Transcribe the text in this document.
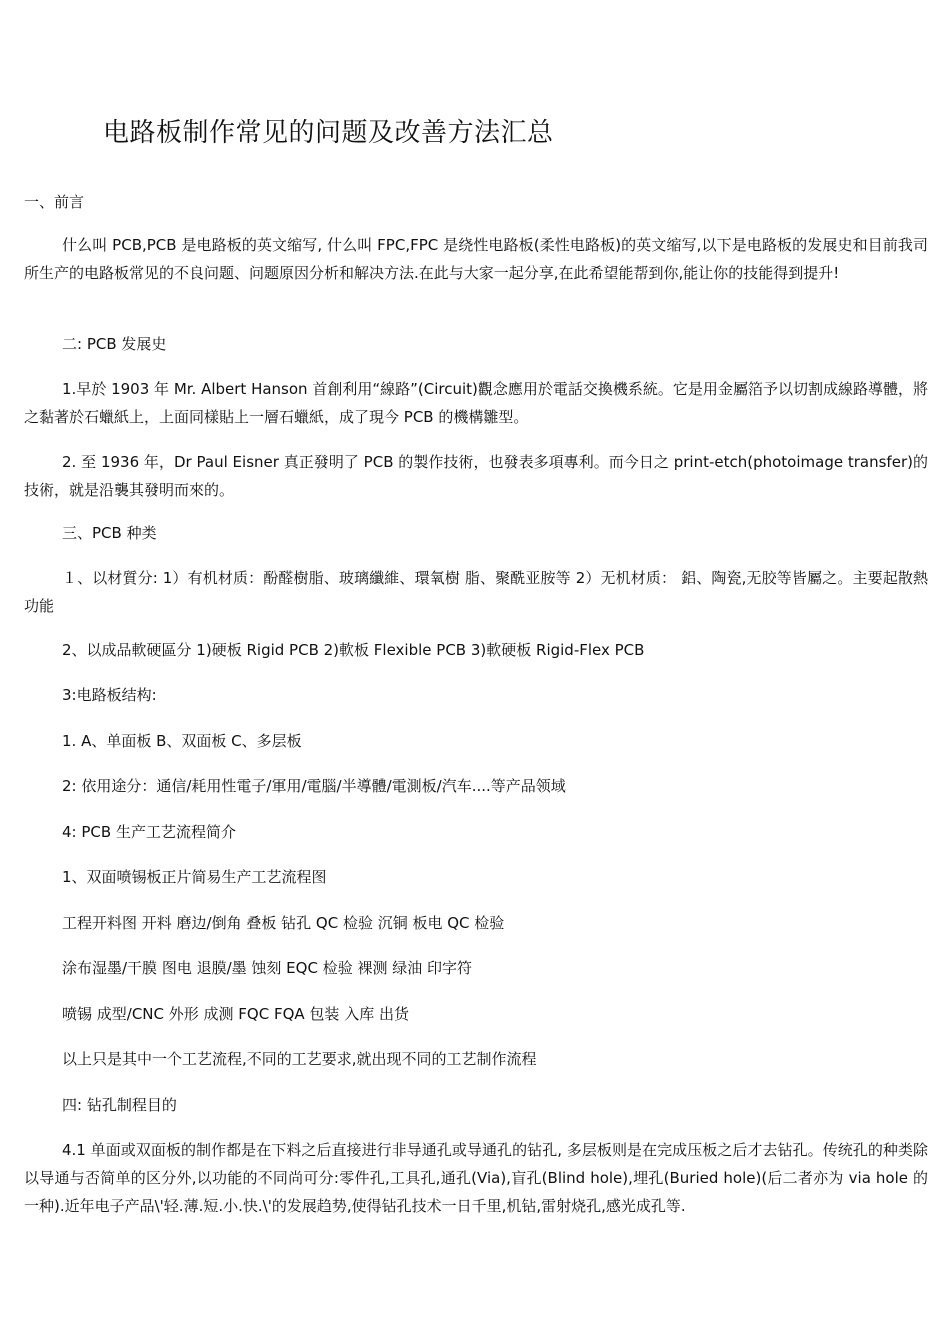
电路板制作常见的问题及改善方法汇总
一、前言
什么叫 PCB,PCB 是电路板的英文缩写, 什么叫 FPC,FPC 是绕性电路板(柔性电路板)的英文缩写,以下是电路板的发展史和目前我司所生产的电路板常见的不良问题、问题原因分析和解决方法.在此与大家一起分享,在此希望能帮到你,能让你的技能得到提升!
二: PCB 发展史
1.早於 1903 年 Mr. Albert Hanson 首創利用“線路”(Circuit)觀念應用於電話交換機系統。它是用金屬箔予以切割成線路導體，將之黏著於石蠟紙上，上面同樣貼上一層石蠟紙，成了現今 PCB 的機構雛型。
2. 至 1936 年，Dr Paul Eisner 真正發明了 PCB 的製作技術，也發表多項專利。而今日之 print-etch(photoimage transfer)的技術，就是沿襲其發明而來的。
三、PCB 种类
１、以材質分: 1）有机材质：酚醛樹脂、玻璃纖維、環氧樹 脂、聚酰亚胺等 2）无机材质： 鋁、陶瓷,无胶等皆屬之。主要起散熱功能
2、以成品軟硬區分 1)硬板 Rigid PCB 2)軟板 Flexible PCB 3)軟硬板 Rigid-Flex PCB
3:电路板结构:
1. A、单面板 B、双面板 C、多层板
2: 依用途分：通信/耗用性電子/軍用/電腦/半導體/電測板/汽车....等产品领域
4: PCB 生产工艺流程简介
1、双面喷锡板正片简易生产工艺流程图
工程开料图 开料 磨边/倒角 叠板 钻孔 QC 检验 沉铜 板电 QC 检验
涂布湿墨/干膜 图电 退膜/墨 蚀刻 EQC 检验 裸测 绿油 印字符
喷锡 成型/CNC 外形 成测 FQC FQA 包装 入库 出货
以上只是其中一个工艺流程,不同的工艺要求,就出现不同的工艺制作流程
四: 钻孔制程目的
4.1 单面或双面板的制作都是在下料之后直接进行非导通孔或导通孔的钻孔, 多层板则是在完成压板之后才去钻孔。传统孔的种类除以导通与否简单的区分外,以功能的不同尚可分:零件孔,工具孔,通孔(Via),盲孔(Blind hole),埋孔(Buried hole)(后二者亦为 via hole 的一种).近年电子产品\'轻.薄.短.小.快.\'的发展趋势,使得钻孔技术一日千里,机钻,雷射烧孔,感光成孔等.
